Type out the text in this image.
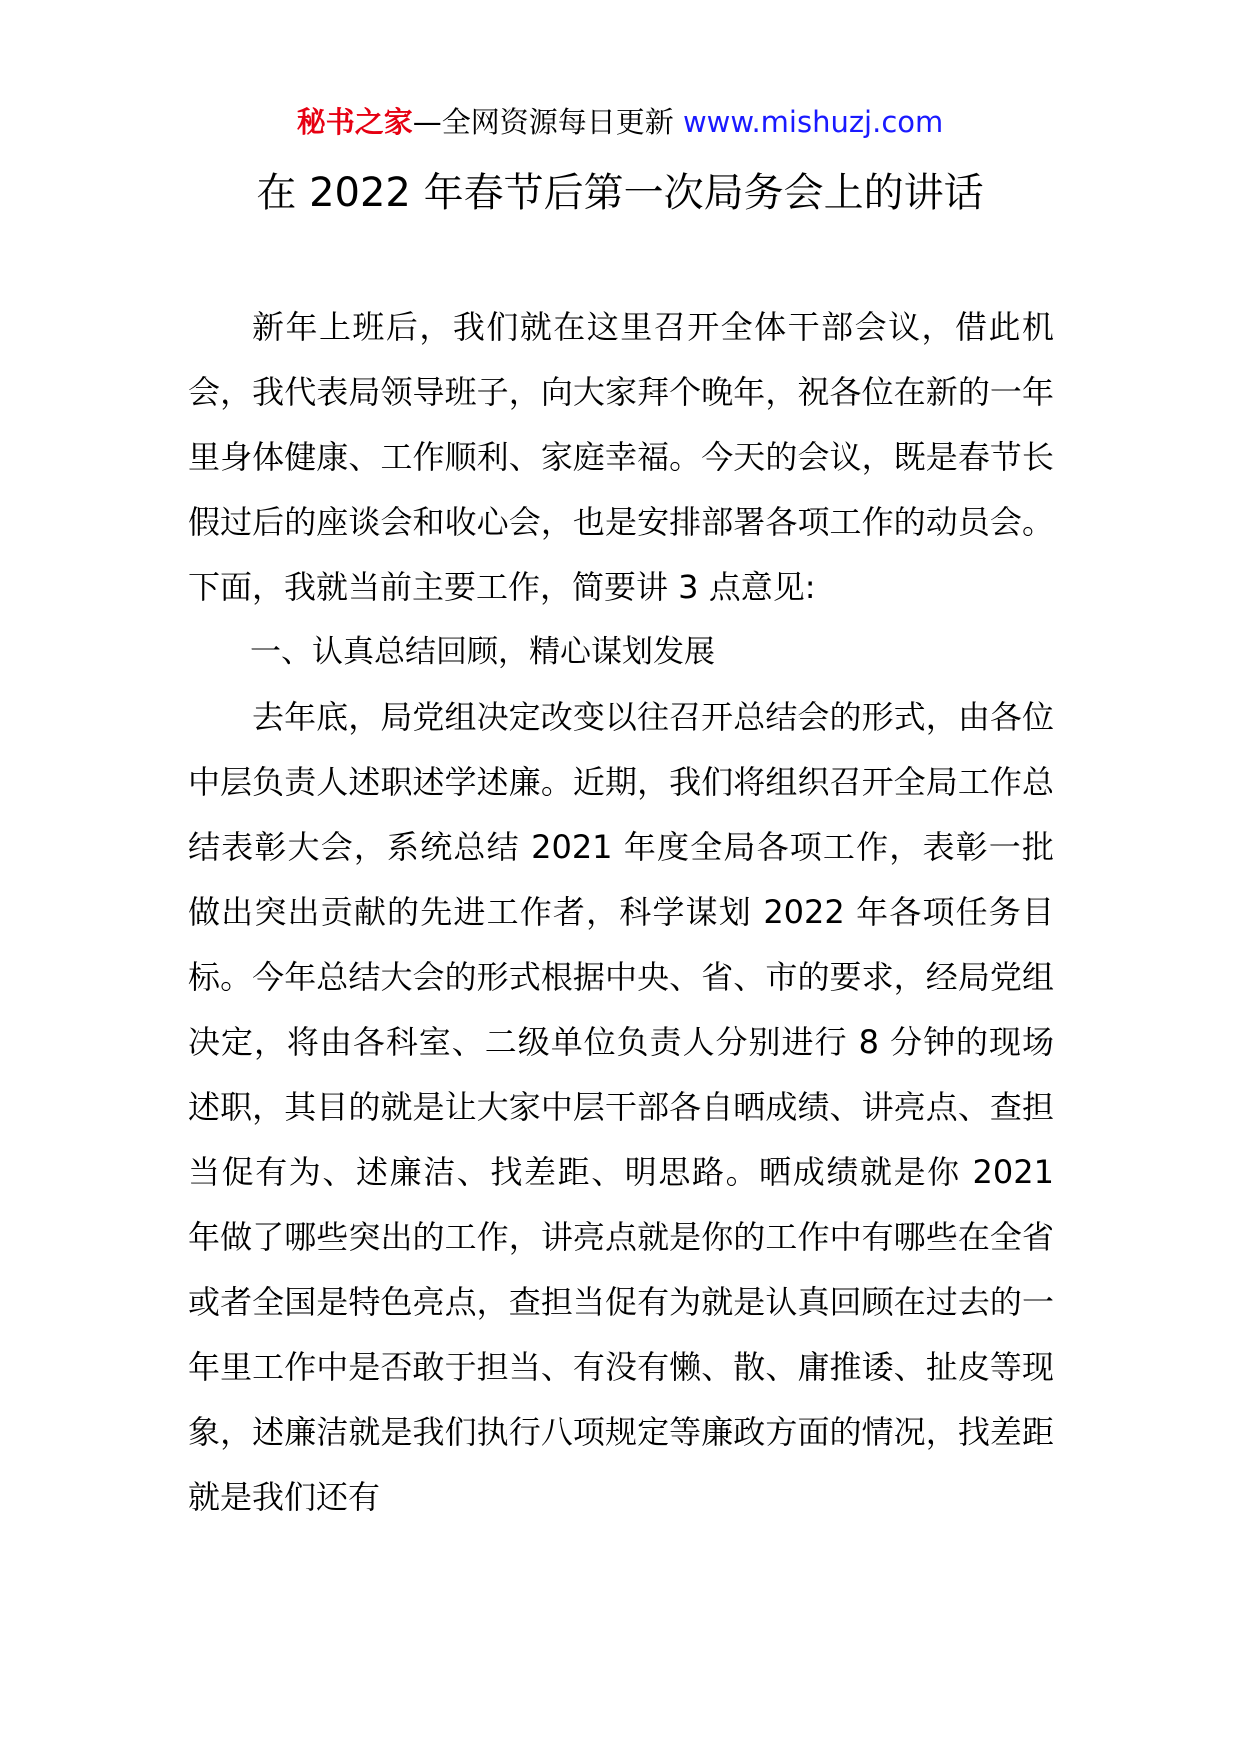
秘书之家—全网资源每日更新 www.mishuzj.com
在 2022 年春节后第一次局务会上的讲话

新年上班后，我们就在这里召开全体干部会议，借此机会，我代表局领导班子，向大家拜个晚年，祝各位在新的一年里身体健康、工作顺利、家庭幸福。今天的会议，既是春节长假过后的座谈会和收心会，也是安排部署各项工作的动员会。下面，我就当前主要工作，简要讲 3 点意见:

一、认真总结回顾，精心谋划发展

去年底，局党组决定改变以往召开总结会的形式，由各位中层负责人述职述学述廉。近期，我们将组织召开全局工作总结表彰大会，系统总结 2021 年度全局各项工作，表彰一批做出突出贡献的先进工作者，科学谋划 2022 年各项任务目标。今年总结大会的形式根据中央、省、市的要求，经局党组决定，将由各科室、二级单位负责人分别进行 8 分钟的现场述职，其目的就是让大家中层干部各自晒成绩、讲亮点、查担当促有为、述廉洁、找差距、明思路。晒成绩就是你 2021 年做了哪些突出的工作，讲亮点就是你的工作中有哪些在全省或者全国是特色亮点，查担当促有为就是认真回顾在过去的一年里工作中是否敢于担当、有没有懒、散、庸推诿、扯皮等现象，述廉洁就是我们执行八项规定等廉政方面的情况，找差距就是我们还有
